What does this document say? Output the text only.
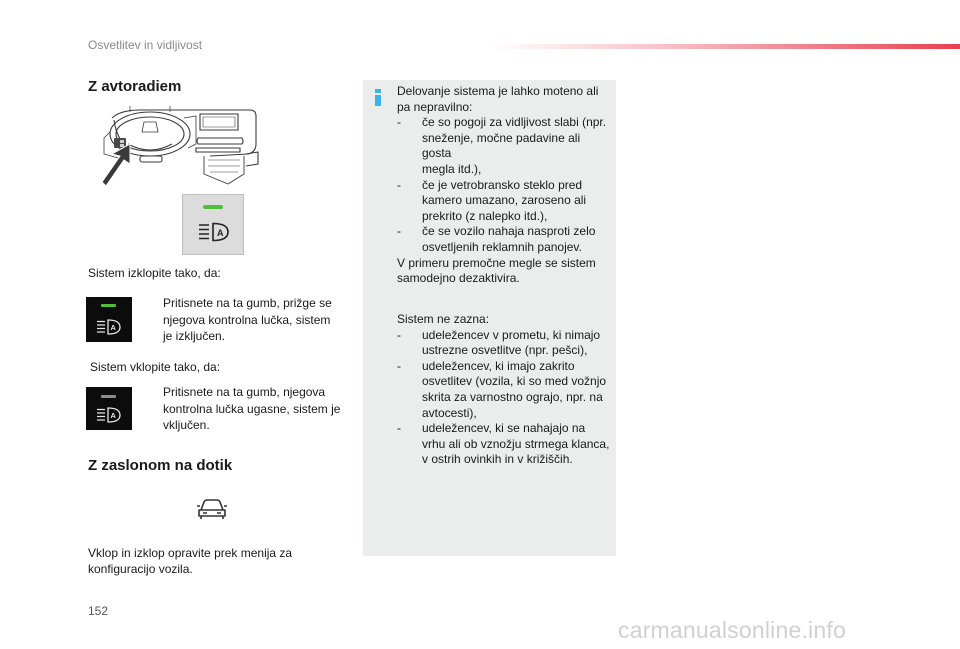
Osvetlitev in vidljivost
Z avtoradiem
A
Sistem izklopite tako, da:
A
Pritisnete na ta gumb, prižge se
njegova kontrolna lučka, sistem
je izključen.
Sistem vklopite tako, da:
A
Pritisnete na ta gumb, njegova
kontrolna lučka ugasne, sistem je
vključen.
Z zaslonom na dotik
Vklop in izklop opravite prek menija za
konfiguracijo vozila.
Delovanje sistema je lahko moteno ali
pa nepravilno:
- če so pogoji za vidljivost slabi (npr.
sneženje, močne padavine ali gosta
megla itd.),
- če je vetrobransko steklo pred
kamero umazano, zaroseno ali
prekrito (z nalepko itd.),
- če se vozilo nahaja nasproti zelo
osvetljenih reklamnih panojev.
V primeru premočne megle se sistem
samodejno dezaktivira.
Sistem ne zazna:
- udeležencev v prometu, ki nimajo
ustrezne osvetlitve (npr. pešci),
- udeležencev, ki imajo zakrito
osvetlitev (vozila, ki so med vožnjo
skrita za varnostno ograjo, npr. na
avtocesti),
- udeležencev, ki se nahajajo na
vrhu ali ob vznožju strmega klanca,
v ostrih ovinkih in v križiščih.
152
carmanualsonline.info
